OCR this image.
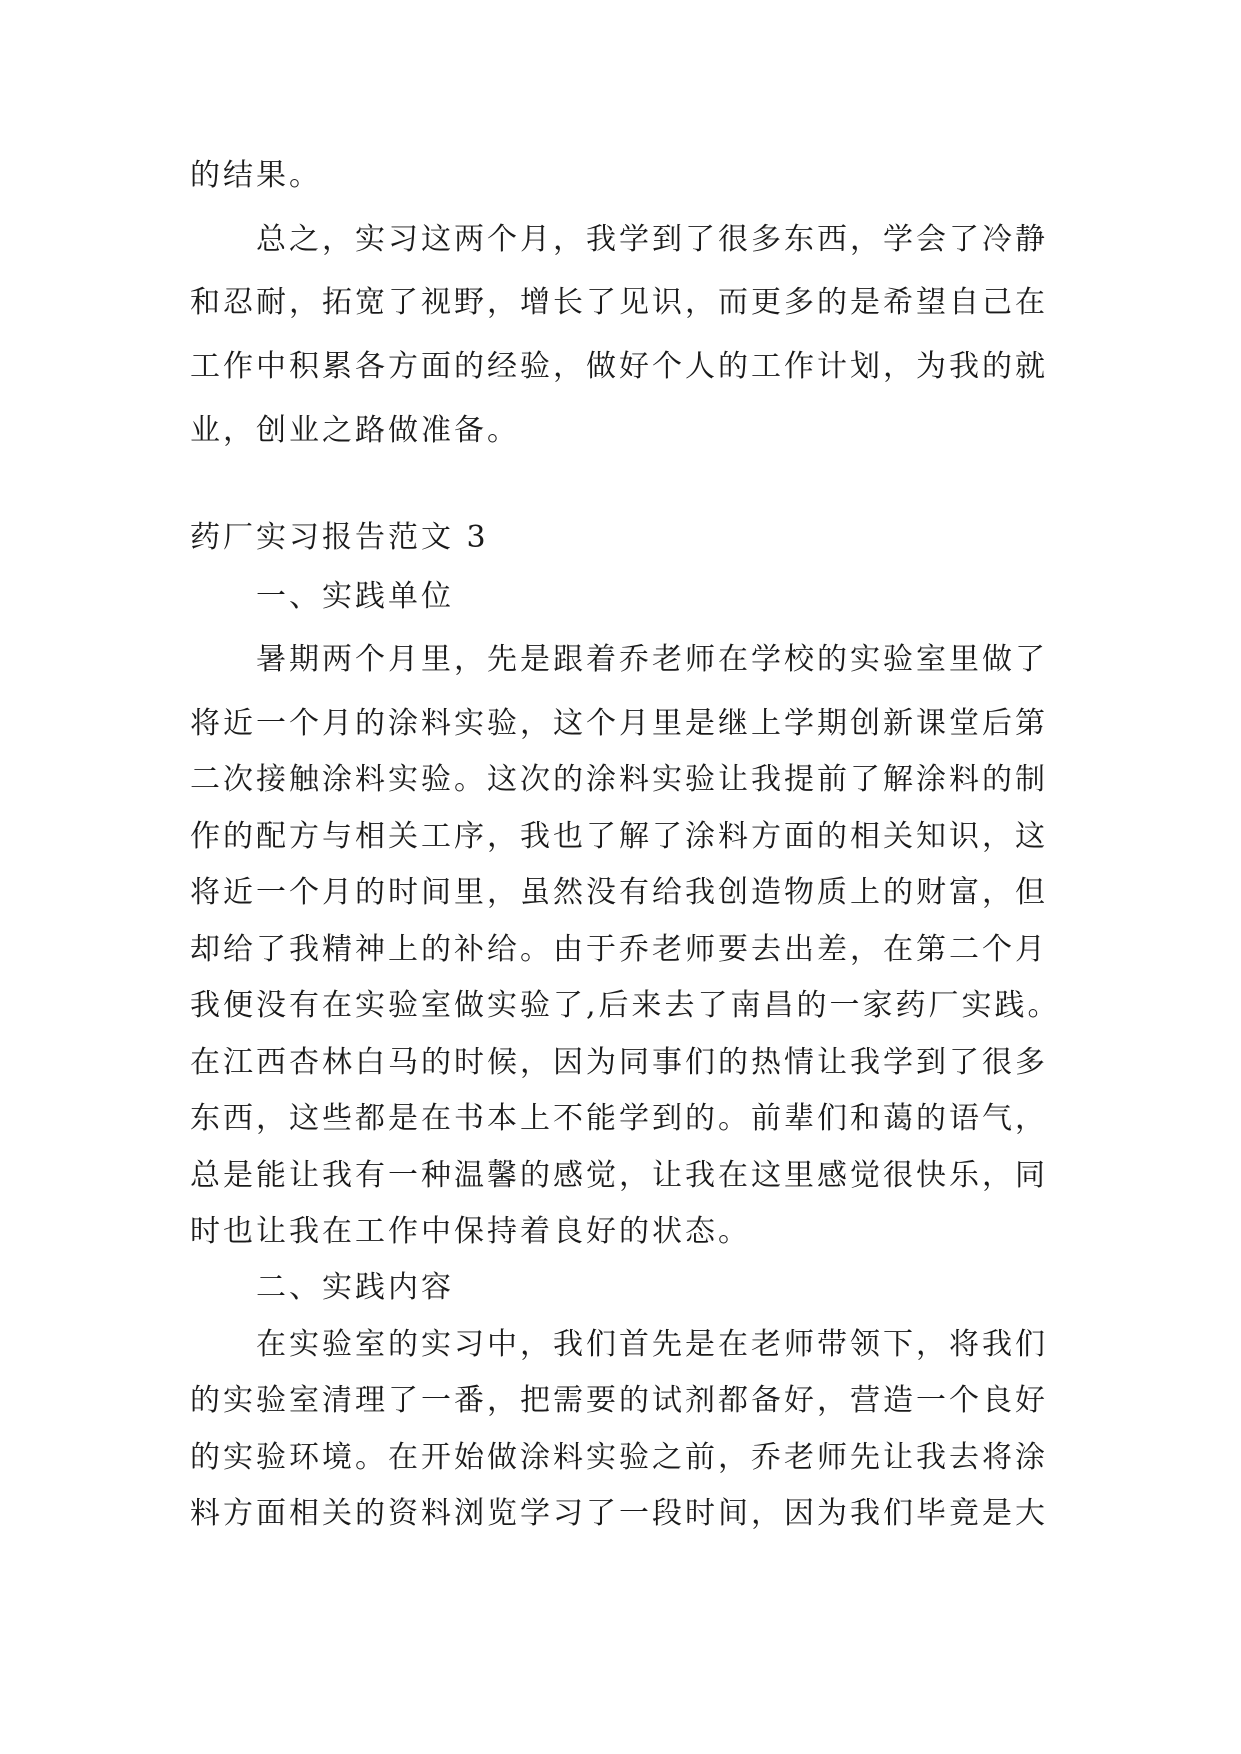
的结果。

总之，实习这两个月，我学到了很多东西，学会了冷静

和忍耐，拓宽了视野，增长了见识，而更多的是希望自己在

工作中积累各方面的经验，做好个人的工作计划，为我的就

业，创业之路做准备。

药厂实习报告范文 3

一、实践单位

暑期两个月里，先是跟着乔老师在学校的实验室里做了

将近一个月的涂料实验，这个月里是继上学期创新课堂后第

二次接触涂料实验。这次的涂料实验让我提前了解涂料的制

作的配方与相关工序，我也了解了涂料方面的相关知识，这

将近一个月的时间里，虽然没有给我创造物质上的财富，但

却给了我精神上的补给。由于乔老师要去出差，在第二个月

我便没有在实验室做实验了,后来去了南昌的一家药厂实践。

在江西杏林白马的时候，因为同事们的热情让我学到了很多

东西，这些都是在书本上不能学到的。前辈们和蔼的语气，

总是能让我有一种温馨的感觉，让我在这里感觉很快乐，同

时也让我在工作中保持着良好的状态。

二、实践内容

在实验室的实习中，我们首先是在老师带领下，将我们

的实验室清理了一番，把需要的试剂都备好，营造一个良好

的实验环境。在开始做涂料实验之前，乔老师先让我去将涂

料方面相关的资料浏览学习了一段时间，因为我们毕竟是大
